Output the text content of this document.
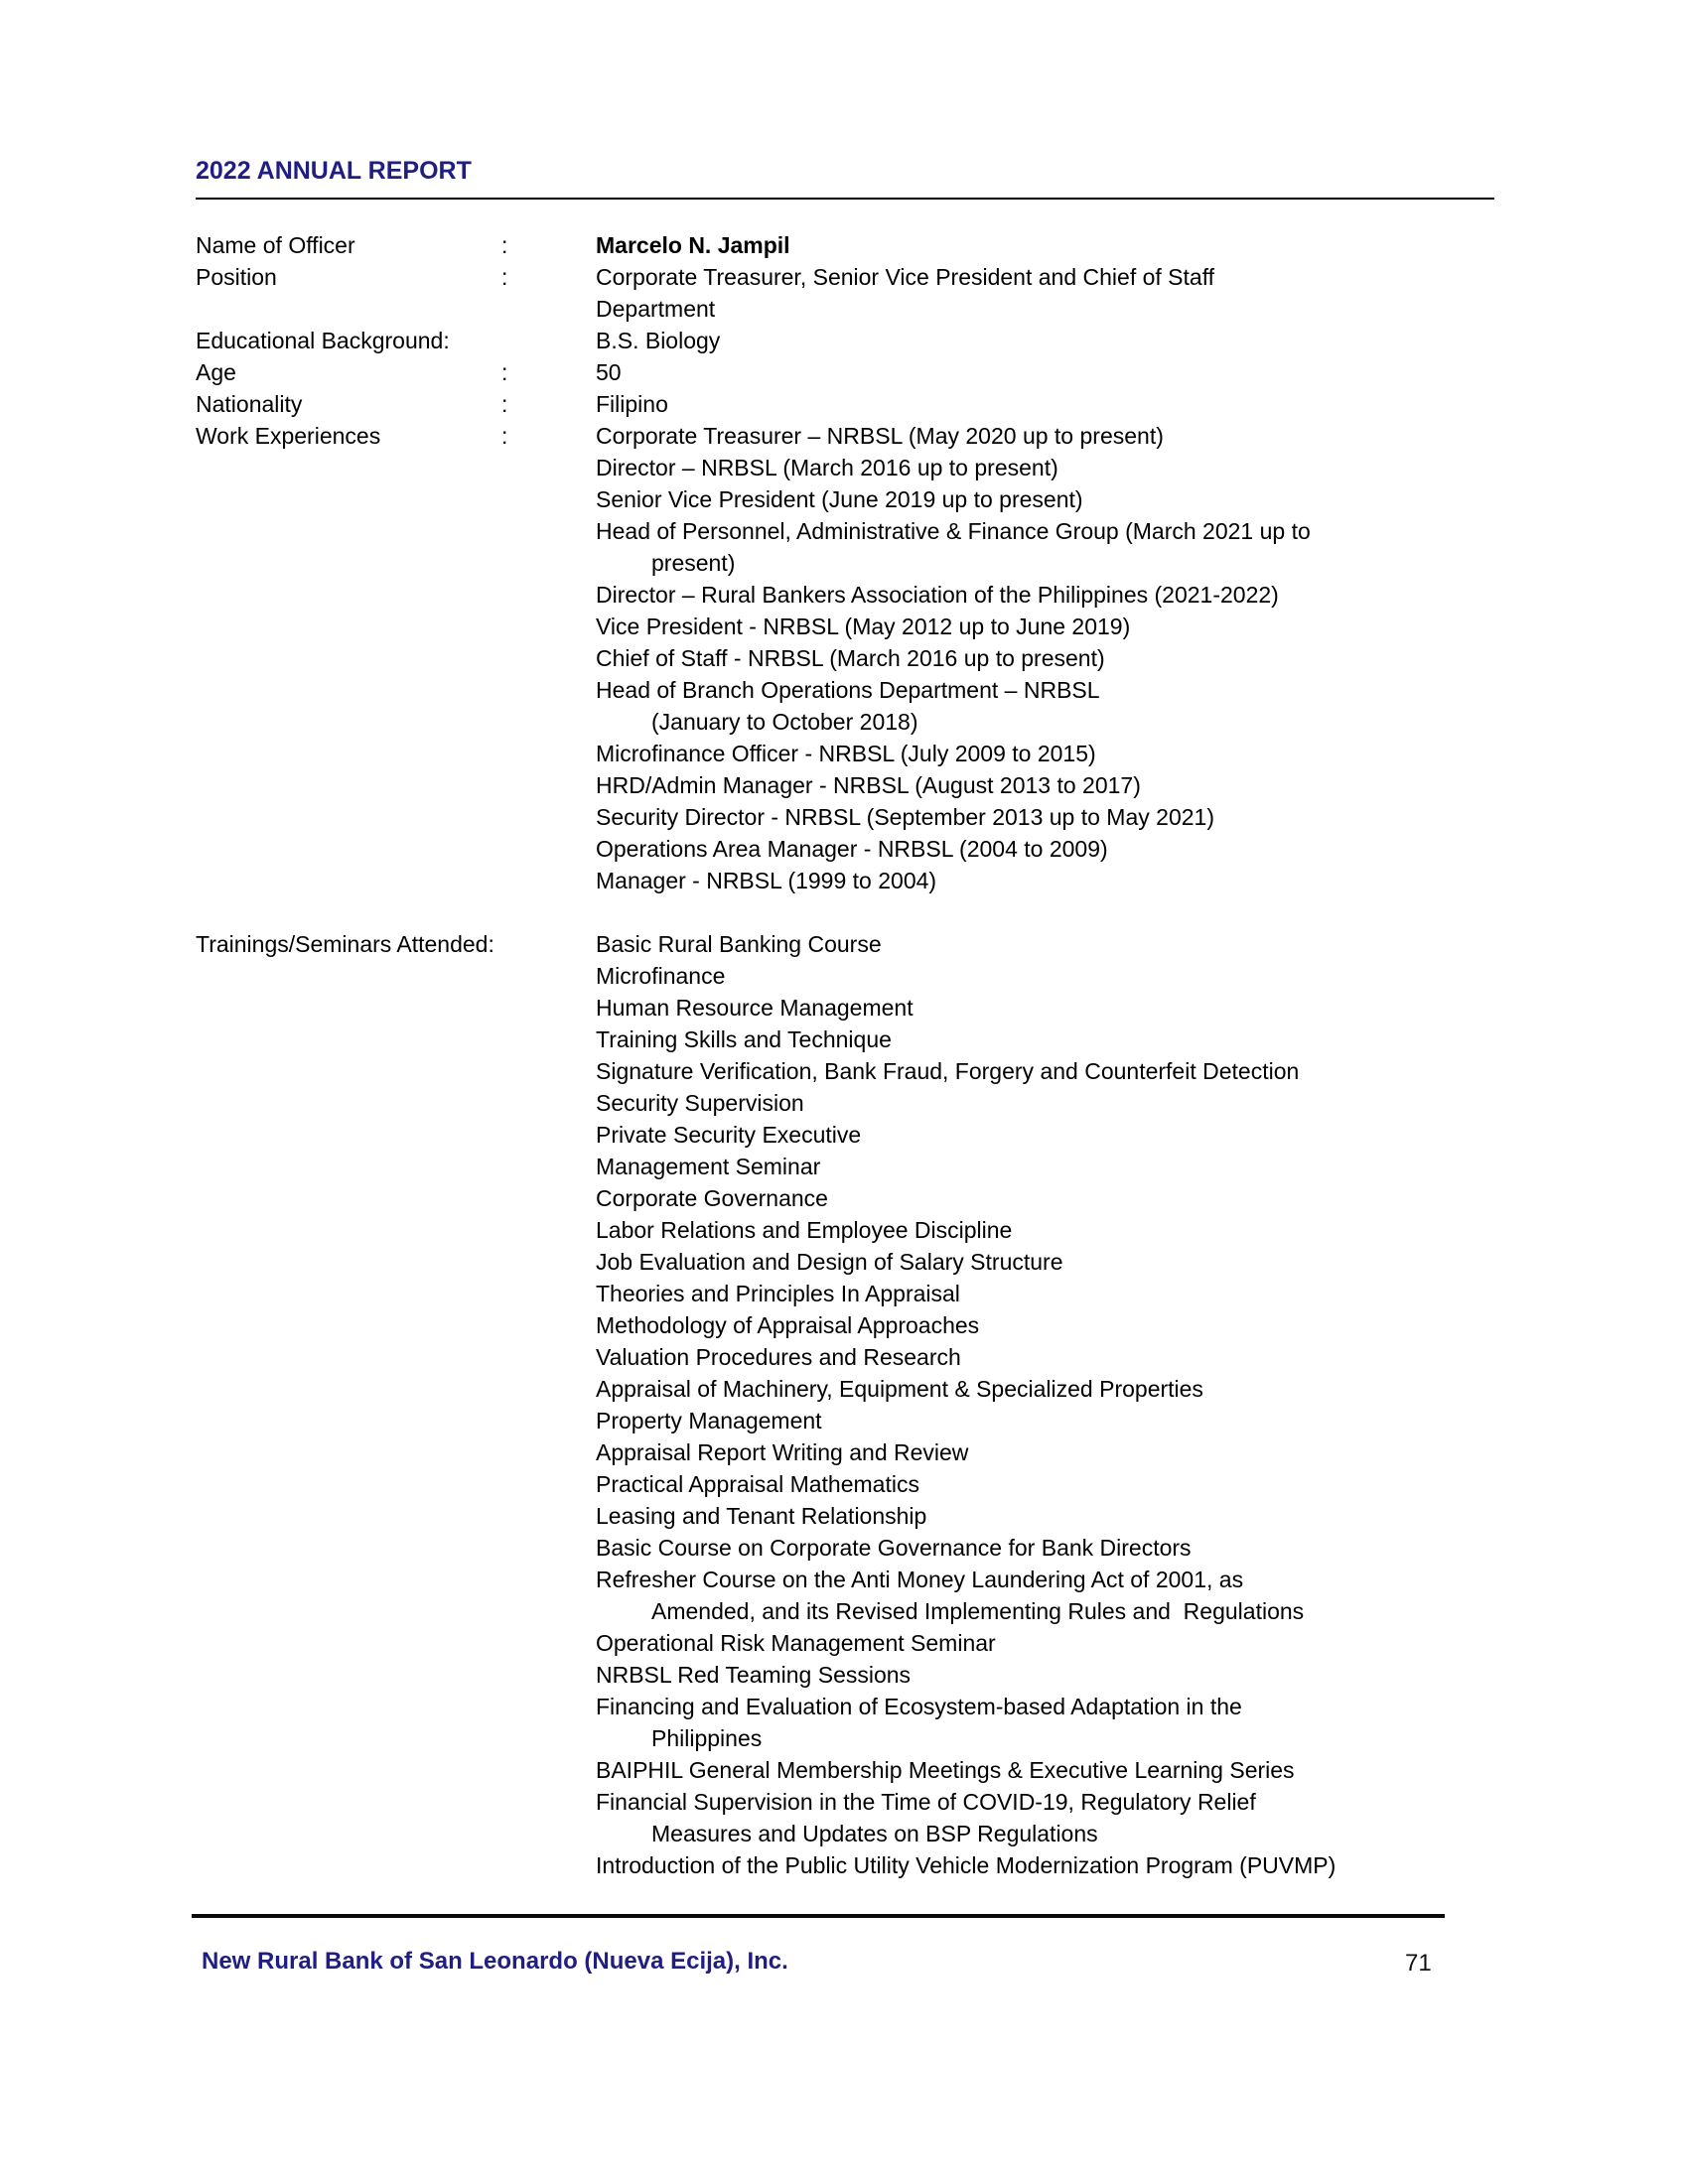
2022 ANNUAL REPORT
Name of Officer	:	Marcelo N. Jampil
Position	:	Corporate Treasurer, Senior Vice President and Chief of Staff
Department
Educational Background:	B.S. Biology
Age	:	50
Nationality	:	Filipino
Work Experiences	:	Corporate Treasurer – NRBSL (May 2020 up to present)
Director – NRBSL (March 2016 up to present)
Senior Vice President (June 2019 up to present)
Head of Personnel, Administrative & Finance Group (March 2021 up to
present)
Director – Rural Bankers Association of the Philippines (2021-2022)
Vice President - NRBSL (May 2012 up to June 2019)
Chief of Staff - NRBSL (March 2016 up to present)
Head of Branch Operations Department – NRBSL
(January to October 2018)
Microfinance Officer - NRBSL (July 2009 to 2015)
HRD/Admin Manager - NRBSL (August 2013 to 2017)
Security Director - NRBSL (September 2013 up to May 2021)
Operations Area Manager - NRBSL (2004 to 2009)
Manager - NRBSL (1999 to 2004)
Trainings/Seminars Attended:	Basic Rural Banking Course
Microfinance
Human Resource Management
Training Skills and Technique
Signature Verification, Bank Fraud, Forgery and Counterfeit Detection
Security Supervision
Private Security Executive
Management Seminar
Corporate Governance
Labor Relations and Employee Discipline
Job Evaluation and Design of Salary Structure
Theories and Principles In Appraisal
Methodology of Appraisal Approaches
Valuation Procedures and Research
Appraisal of Machinery, Equipment & Specialized Properties
Property Management
Appraisal Report Writing and Review
Practical Appraisal Mathematics
Leasing and Tenant Relationship
Basic Course on Corporate Governance for Bank Directors
Refresher Course on the Anti Money Laundering Act of 2001, as
Amended, and its Revised Implementing Rules and  Regulations
Operational Risk Management Seminar
NRBSL Red Teaming Sessions
Financing and Evaluation of Ecosystem-based Adaptation in the
Philippines
BAIPHIL General Membership Meetings & Executive Learning Series
Financial Supervision in the Time of COVID-19, Regulatory Relief
Measures and Updates on BSP Regulations
Introduction of the Public Utility Vehicle Modernization Program (PUVMP)
New Rural Bank of San Leonardo (Nueva Ecija), Inc.	71
